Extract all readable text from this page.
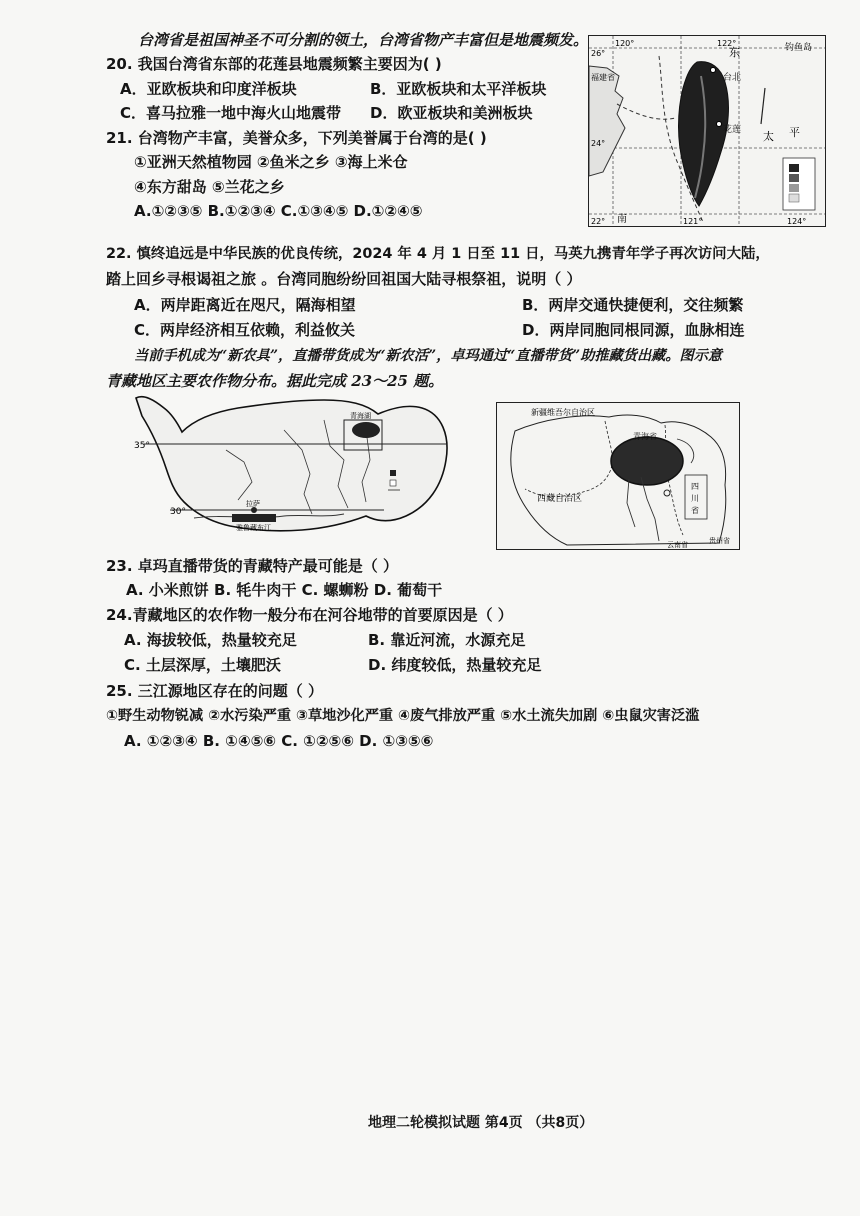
台湾省是祖国神圣不可分割的领土，台湾省物产丰富但是地震频发。
20. 我国台湾省东部的花莲县地震频繁主要因为( )
A．亚欧板块和印度洋板块	B．亚欧板块和太平洋板块
C．喜马拉雅一地中海火山地震带 D．欧亚板块和美洲板块
21. 台湾物产丰富，美誉众多，下列美誉属于台湾的是( )
①亚洲天然植物园 ②鱼米之乡 ③海上米仓
④东方甜岛 ⑤兰花之乡
A.①②③⑤ B.①②③④ C.①③④⑤ D.①②④⑤
120°	122°
26°
22°
24°
121°	124°
钓鱼岛
东
太 平
台北
花莲
南
福建省
22. 慎终追远是中华民族的优良传统，2024 年 4 月 1 日至 11 日，马英九携青年学子再次访问大陆，
踏上回乡寻根谒祖之旅 。台湾同胞纷纷回祖国大陆寻根祭祖，说明（ ）
A．两岸距离近在咫尺，隔海相望	B．两岸交通快捷便利，交往频繁
C．两岸经济相互依赖，利益攸关	D．两岸同胞同根同源，血脉相连
当前手机成为“新农具”，直播带货成为“新农活”，卓玛通过“直播带货”助推藏货出藏。图示意
青藏地区主要农作物分布。据此完成 23～25 题。
35°
30°
青海湖
拉萨
雅鲁藏布江
新疆维吾尔自治区
青海省
西藏自治区
四
川
省
云南省	贵州省
23. 卓玛直播带货的青藏特产最可能是（ ）
A. 小米煎饼 B. 牦牛肉干 C. 螺蛳粉 D. 葡萄干
24.青藏地区的农作物一般分布在河谷地带的首要原因是（ ）
A. 海拔较低，热量较充足	B. 靠近河流，水源充足
C. 土层深厚，土壤肥沃	D. 纬度较低，热量较充足
25. 三江源地区存在的问题（ ）
①野生动物锐减 ②水污染严重 ③草地沙化严重 ④废气排放严重 ⑤水土流失加剧 ⑥虫鼠灾害泛滥
A. ①②③④ B. ①④⑤⑥ C. ①②⑤⑥ D. ①③⑤⑥
地理二轮模拟试题 第4页 （共8页）
